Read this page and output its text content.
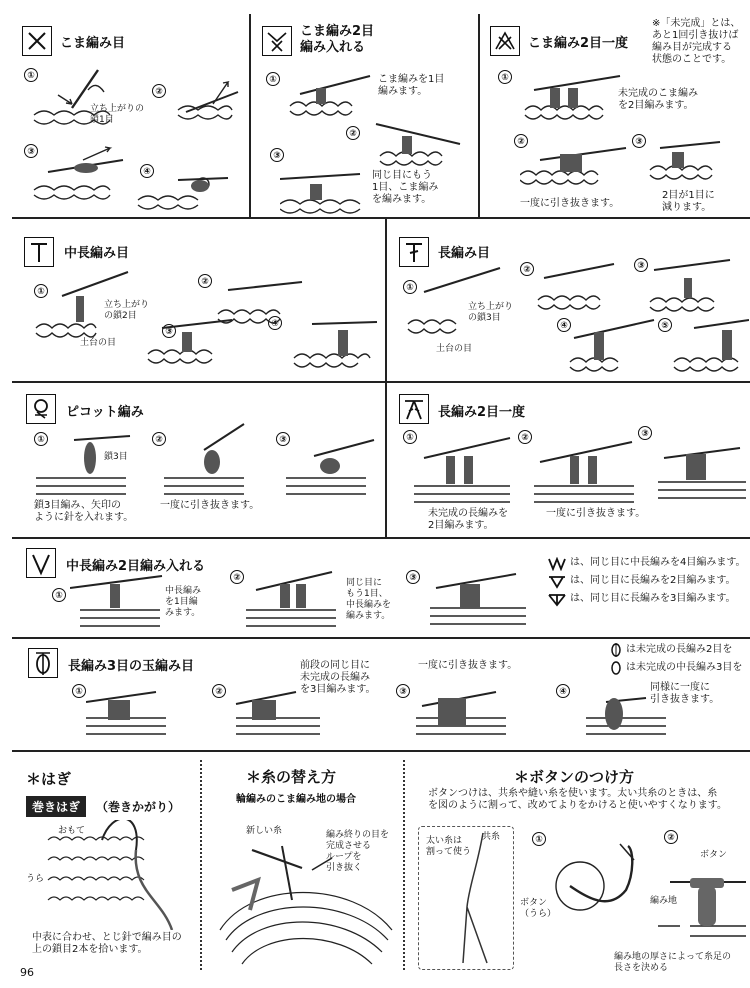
こま編み目
①
②
③
④
立ち上がりの
鎖1目
こま編み2目
編み入れる
①
②
③
こま編みを1目
編みます。
同じ目にもう
1目、こま編み
を編みます。
こま編み2目一度
※「未完成」とは、
あと1回引き抜けば
編み目が完成する
状態のことです。
①
②	③
未完成のこま編み
を2目編みます。
一度に引き抜きます。
2目が1目に
減ります。
中長編み目
①
②
③
④
立ち上がり
の鎖2目
土台の目
長編み目
①
②	③
④	⑤
立ち上がり
の鎖3目
土台の目
ピコット編み
①	②	③
鎖3目
鎖3目編み、矢印の
ように針を入れます。
一度に引き抜きます。
長編み2目一度
①	②	③
未完成の長編みを
2目編みます。
一度に引き抜きます。
中長編み2目編み入れる
①
②	③
中長編み
を1目編
みます。
同じ目に
もう1目、
中長編みを
編みます。
は、同じ目に中長編みを4目編みます。
は、同じ目に長編みを2目編みます。
は、同じ目に長編みを3目編みます。
長編み3目の玉編み目	前段の同じ目に
未完成の長編み
を3目編みます。
一度に引き抜きます。
①	②	③	④
は未完成の長編み2目を
は未完成の中長編み3目を
同様に一度に
引き抜きます。
＊はぎ
巻きはぎ	（巻きかがり）
おもて
うら
中表に合わせ、とじ針で編み目の
上の鎖目2本を拾います。
＊糸の替え方
輪編みのこま編み地の場合
新しい糸	編み終りの目を
完成させる
ループを
引き抜く
＊ボタンのつけ方
ボタンつけは、共糸や縫い糸を使います。太い共糸のときは、糸
を図のように割って、改めてよりをかけると使いやすくなります。
太い糸は
割って使う
共糸	①	②
ボタン
（うら）
ボタン
編み地
編み地の厚さによって糸足の
長さを決める
96
